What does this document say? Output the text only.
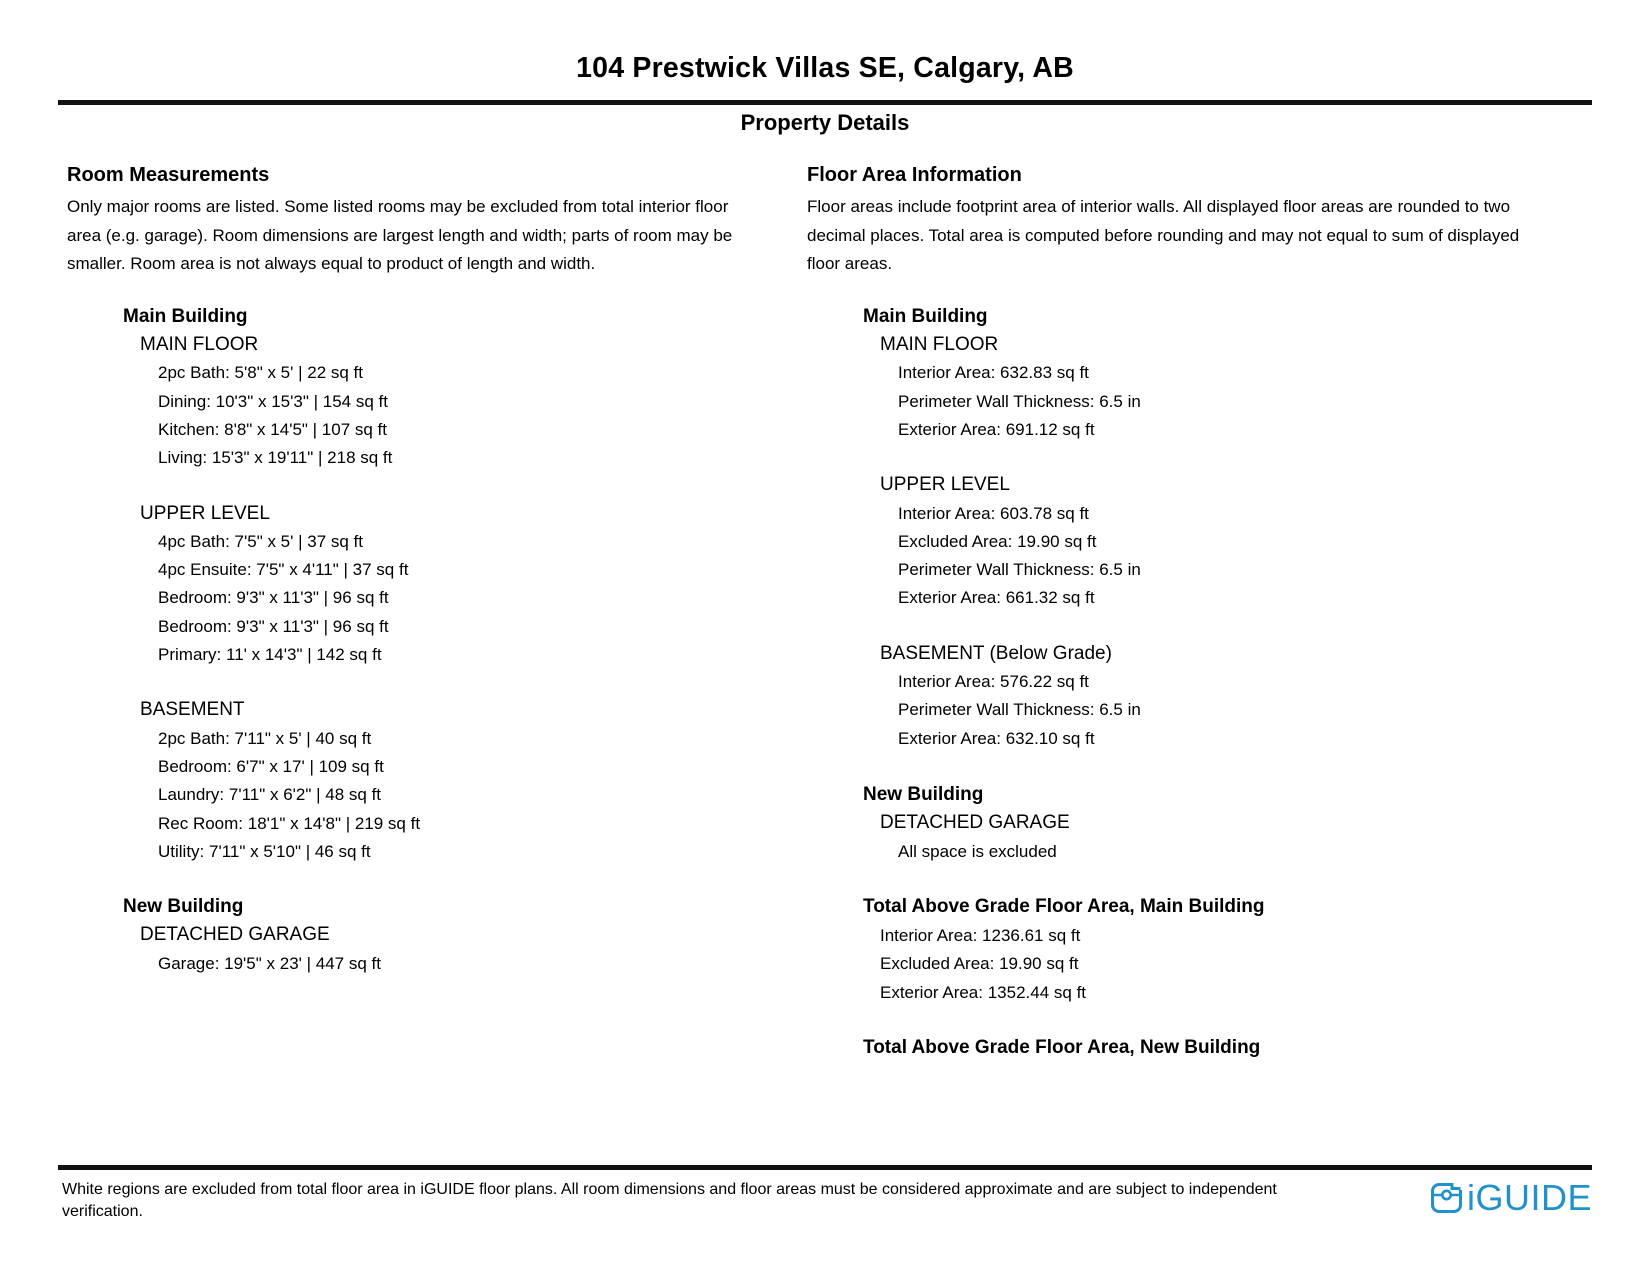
104 Prestwick Villas SE, Calgary, AB
Property Details
Room Measurements

Only major rooms are listed. Some listed rooms may be excluded from total interior floor area (e.g. garage). Room dimensions are largest length and width; parts of room may be smaller. Room area is not always equal to product of length and width.

Main Building
MAIN FLOOR
2pc Bath: 5'8" x 5' | 22 sq ft
Dining: 10'3" x 15'3" | 154 sq ft
Kitchen: 8'8" x 14'5" | 107 sq ft
Living: 15'3" x 19'11" | 218 sq ft
UPPER LEVEL
4pc Bath: 7'5" x 5' | 37 sq ft
4pc Ensuite: 7'5" x 4'11" | 37 sq ft
Bedroom: 9'3" x 11'3" | 96 sq ft
Bedroom: 9'3" x 11'3" | 96 sq ft
Primary: 11' x 14'3" | 142 sq ft
BASEMENT
2pc Bath: 7'11" x 5' | 40 sq ft
Bedroom: 6'7" x 17' | 109 sq ft
Laundry: 7'11" x 6'2" | 48 sq ft
Rec Room: 18'1" x 14'8" | 219 sq ft
Utility: 7'11" x 5'10" | 46 sq ft
New Building
DETACHED GARAGE
Garage: 19'5" x 23' | 447 sq ft
Floor Area Information

Floor areas include footprint area of interior walls. All displayed floor areas are rounded to two decimal places. Total area is computed before rounding and may not equal to sum of displayed floor areas.

Main Building
MAIN FLOOR
Interior Area: 632.83 sq ft
Perimeter Wall Thickness: 6.5 in
Exterior Area: 691.12 sq ft
UPPER LEVEL
Interior Area: 603.78 sq ft
Excluded Area: 19.90 sq ft
Perimeter Wall Thickness: 6.5 in
Exterior Area: 661.32 sq ft
BASEMENT (Below Grade)
Interior Area: 576.22 sq ft
Perimeter Wall Thickness: 6.5 in
Exterior Area: 632.10 sq ft
New Building
DETACHED GARAGE
All space is excluded
Total Above Grade Floor Area, Main Building
Interior Area: 1236.61 sq ft
Excluded Area: 19.90 sq ft
Exterior Area: 1352.44 sq ft
Total Above Grade Floor Area, New Building

White regions are excluded from total floor area in iGUIDE floor plans. All room dimensions and floor areas must be considered approximate and are subject to independent verification.	iGUIDE
